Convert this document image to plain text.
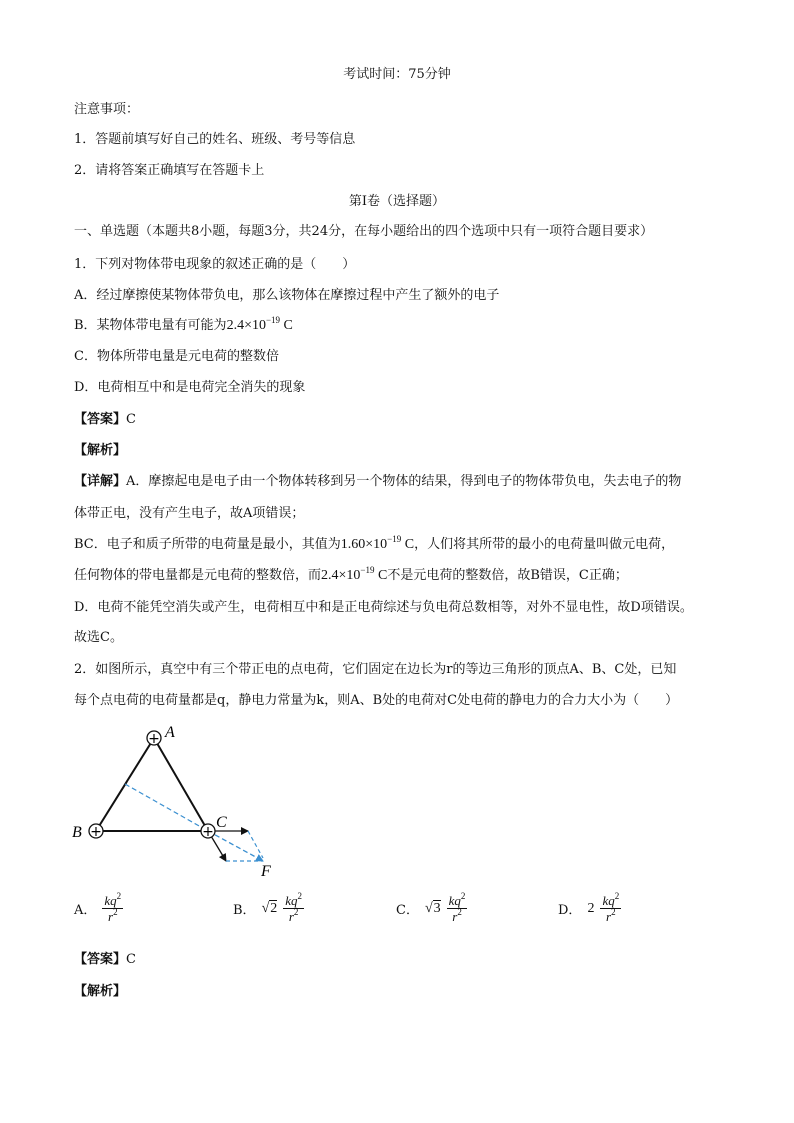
考试时间：75分钟
注意事项：
1．答题前填写好自己的姓名、班级、考号等信息
2．请将答案正确填写在答题卡上
第I卷（选择题）
一、单选题（本题共8小题，每题3分，共24分，在每小题给出的四个选项中只有一项符合题目要求）
1．下列对物体带电现象的叙述正确的是（　　）
A．经过摩擦使某物体带负电，那么该物体在摩擦过程中产生了额外的电子
B．某物体带电量有可能为$2.4\times 10^{-19}$ C
C．物体所带电量是元电荷的整数倍
D．电荷相互中和是电荷完全消失的现象
【答案】C
【解析】
【详解】A．摩擦起电是电子由一个物体转移到另一个物体的结果，得到电子的物体带负电，失去电子的物
体带正电，没有产生电子，故A项错误；
BC．电子和质子所带的电荷量是最小，其值为$1.60\times 10^{-19}$ C，人们将其所带的最小的电荷量叫做元电荷，
任何物体的带电量都是元电荷的整数倍，而$2.4\times 10^{-19}$ C不是元电荷的整数倍，故B错误，C正确；
D．电荷不能凭空消失或产生，电荷相互中和是正电荷综述与负电荷总数相等，对外不显电性，故D项错误。
故选C。
2．如图所示，真空中有三个带正电的点电荷，它们固定在边长为r的等边三角形的顶点A、B、C处，已知
每个点电荷的电荷量都是q，静电力常量为k，则A、B处的电荷对C处电荷的静电力的合力大小为（　　）
+
+	+
A
B
C
F
A． $\frac{kq^2}{r^2}$	B． $√2 \frac{kq^2}{r^2}$	C． $√3 \frac{kq^2}{r^2}$	D． $2 \frac{kq^2}{r^2}$
【答案】C
【解析】
